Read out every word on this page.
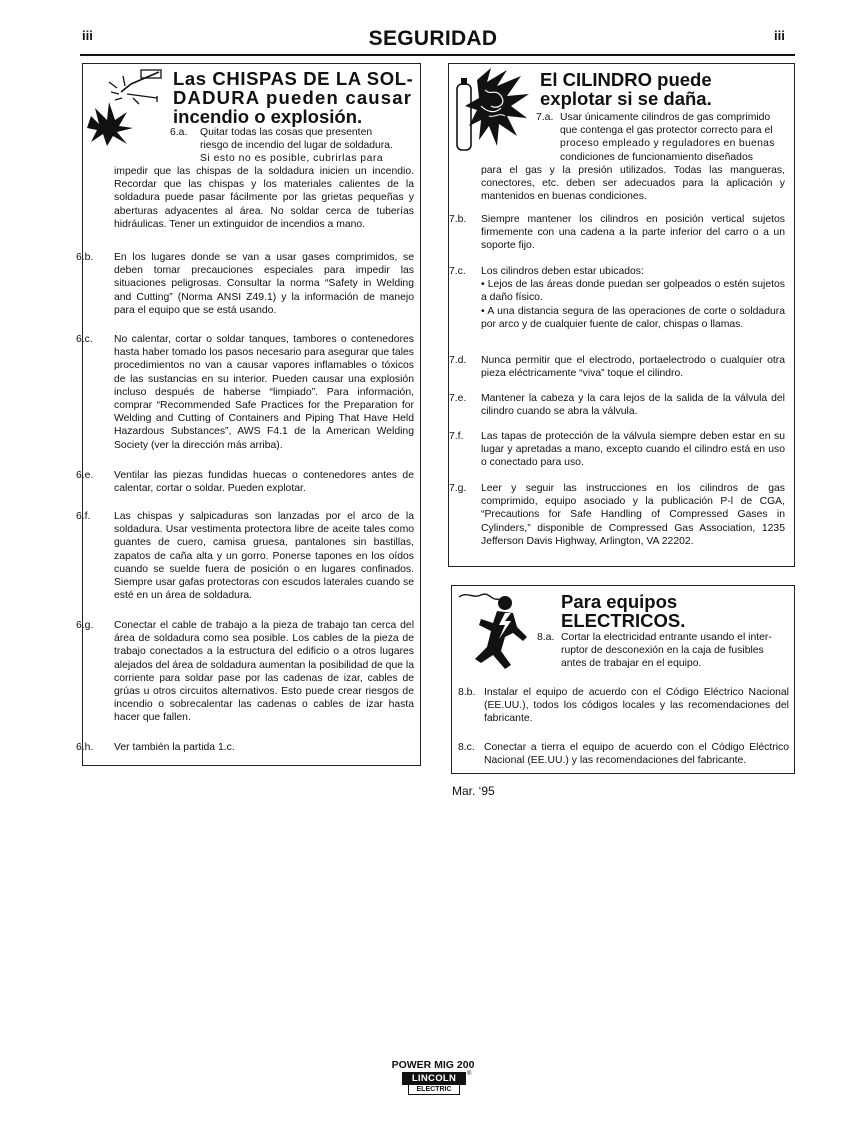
iii	SEGURIDAD	iii
Las CHISPAS DE LA SOL-
DADURA pueden causar
incendio o explosión.
6.a. Quitar todas las cosas que presenten
riesgo de incendio del lugar de soldadura.
Si esto no es posible, cubrirlas para
impedir que las chispas de la soldadura inicien un incendio. Recordar que las chispas y los materiales calientes de la soldadura puede pasar fácilmente por las grietas pequeñas y aberturas adyacentes al área. No soldar cerca de tuberías hidráulicas. Tener un extinguidor de incendios a mano.
6.b. En los lugares donde se van a usar gases comprimidos, se deben tomar precauciones especiales para impedir las situaciones peligrosas. Consultar la norma “Safety in Welding and Cutting” (Norma ANSI Z49.1) y la información de manejo para el equipo que se está usando.
6.c. No calentar, cortar o soldar tanques, tambores o contenedores hasta haber tomado los pasos necesario para asegurar que tales procedimientos no van a causar vapores inflamables o tóxicos de las sustancias en su interior. Pueden causar una explosión incluso después de haberse “limpiado”. Para información, comprar “Recommended Safe Practices for the Preparation for Welding and Cutting of Containers and Piping That Have Held Hazardous Substances”, AWS F4.1 de la American Welding Society (ver la dirección más arriba).
6.e. Ventilar las piezas fundidas huecas o contenedores antes de calentar, cortar o soldar. Pueden explotar.
6.f. Las chispas y salpicaduras son lanzadas por el arco de la soldadura. Usar vestimenta protectora libre de aceite tales como guantes de cuero, camisa gruesa, pantalones sin bastillas, zapatos de caña alta y un gorro. Ponerse tapones en los oídos cuando se suelde fuera de posición o en lugares confinados. Siempre usar gafas protectoras con escudos laterales cuando se esté en un área de soldadura.
6.g. Conectar el cable de trabajo a la pieza de trabajo tan cerca del área de soldadura como sea posible. Los cables de la pieza de trabajo conectados a la estructura del edificio o a otros lugares alejados del área de soldadura aumentan la posibilidad de que la corriente para soldar pase por las cadenas de izar, cables de grúas u otros circuitos alternativos. Esto puede crear riesgos de incendio o sobrecalentar las cadenas o cables de izar hasta hacer que fallen.
6.h. Ver también la partida 1.c.
El CILINDRO puede
explotar si se daña.
7.a. Usar únicamente cilindros de gas comprimido
que contenga el gas protector correcto para el
proceso empleado y reguladores en buenas
condiciones de funcionamiento diseñados
para el gas y la presión utilizados. Todas las mangueras, conectores, etc. deben ser adecuados para la aplicación y mantenidos en buenas condiciones.
7.b. Siempre mantener los cilindros en posición vertical sujetos firmemente con una cadena a la parte inferior del carro o a un soporte fijo.
7.c. Los cilindros deben estar ubicados:
• Lejos de las áreas donde puedan ser golpeados o estén sujetos a daño físico.
• A una distancia segura de las operaciones de corte o soldadura por arco y de cualquier fuente de calor, chispas o llamas.
7.d. Nunca permitir que el electrodo, portaelectrodo o cualquier otra pieza eléctricamente “viva” toque el cilindro.
7.e. Mantener la cabeza y la cara lejos de la salida de la válvula del cilindro cuando se abra la válvula.
7.f. Las tapas de protección de la válvula siempre deben estar en su lugar y apretadas a mano, excepto cuando el cilindro está en uso o conectado para uso.
7.g. Leer y seguir las instrucciones en los cilindros de gas comprimido, equipo asociado y la publicación P-l de CGA, “Precautions for Safe Handling of Compressed Gases in Cylinders,” disponible de Compressed Gas Association, 1235 Jefferson Davis Highway, Arlington, VA 22202.
Para equipos
ELECTRICOS.
8.a. Cortar la electricidad entrante usando el inter-
ruptor de desconexión en la caja de fusibles
antes de trabajar en el equipo.
8.b. Instalar el equipo de acuerdo con el Código Eléctrico Nacional (EE.UU.), todos los códigos locales y las recomendaciones del fabricante.
8.c. Conectar a tierra el equipo de acuerdo con el Código Eléctrico Nacional (EE.UU.) y las recomendaciones del fabricante.
Mar. ‘95
POWER MIG 200
LINCOLN
ELECTRIC
®
